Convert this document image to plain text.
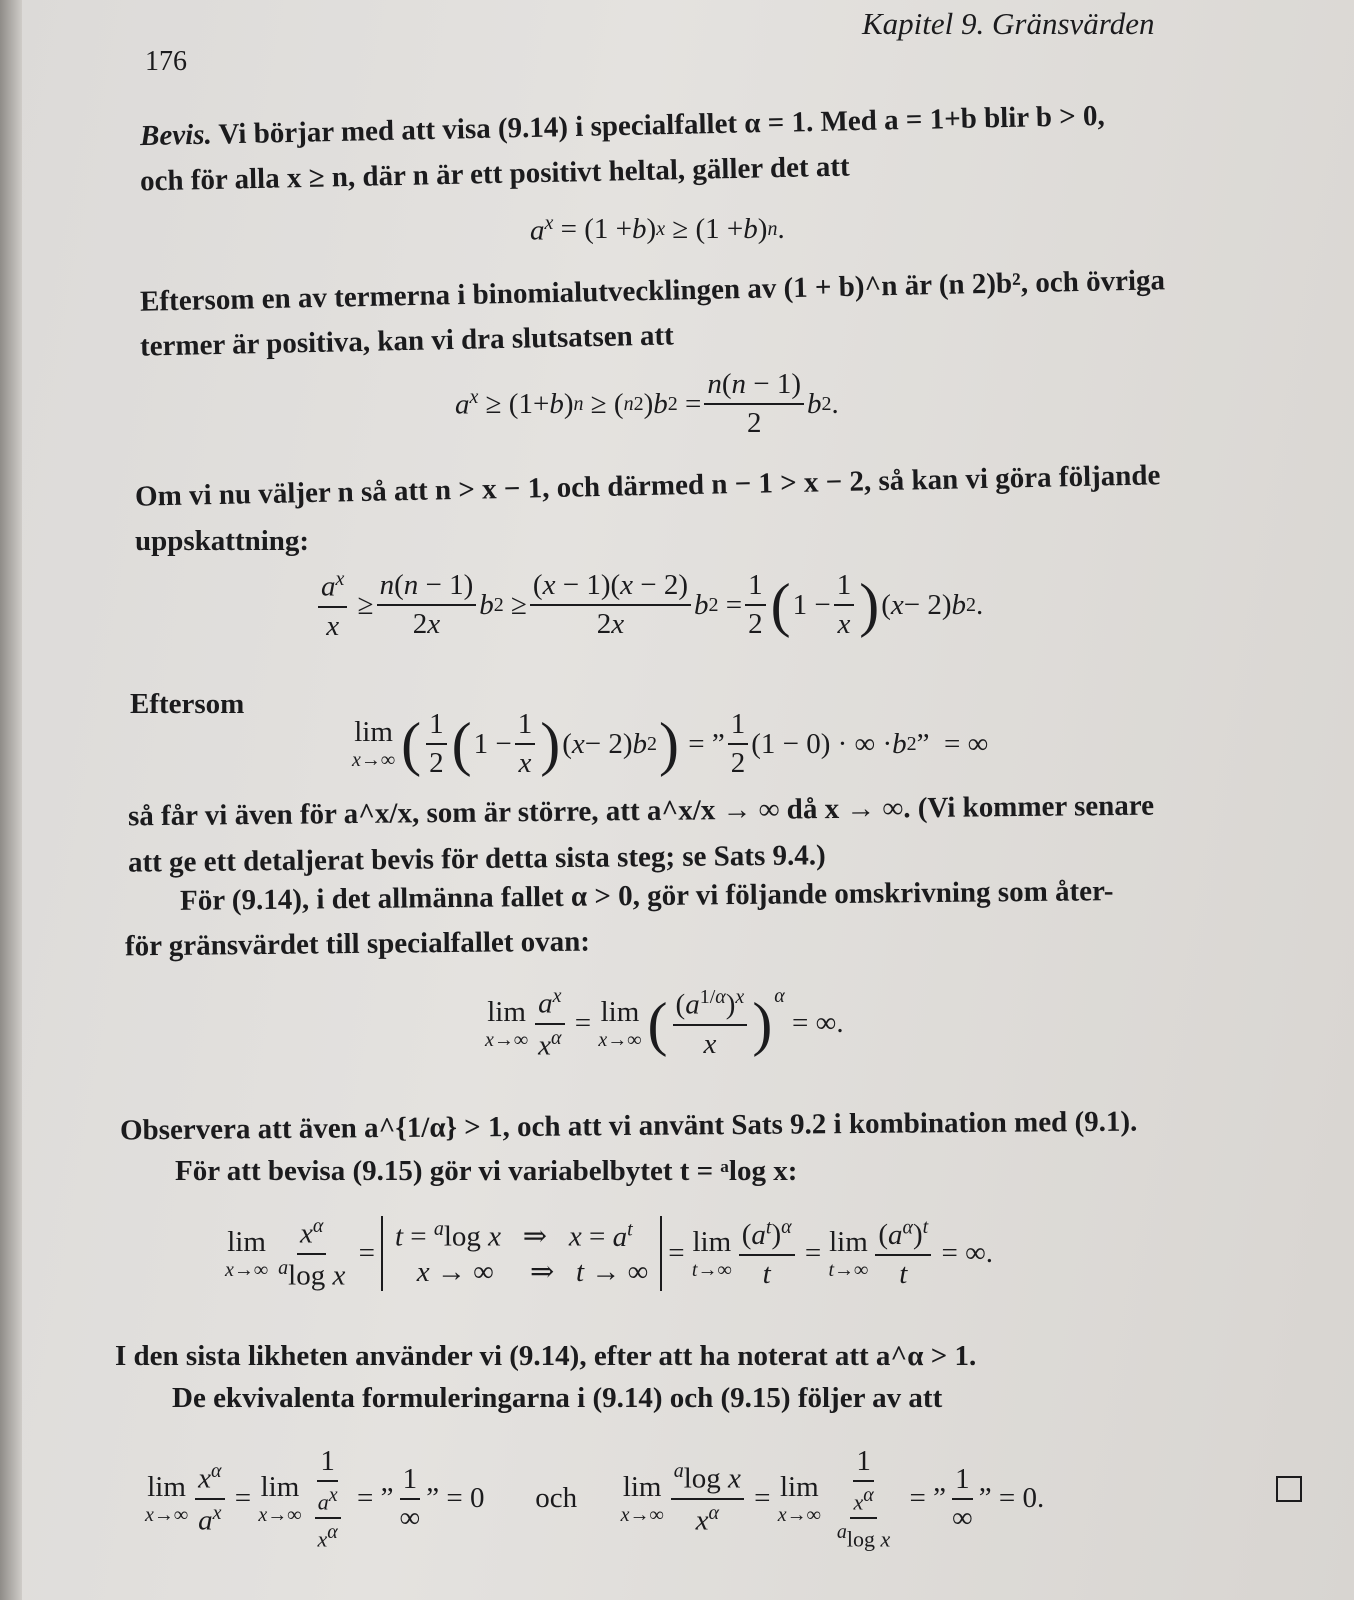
176
Kapitel 9. Gränsvärden
Bevis. Vi börjar med att visa (9.14) i specialfallet α = 1. Med a = 1+b blir b > 0,
och för alla x ≥ n, där n är ett positivt heltal, gäller det att
$a^x = (1 + b$ ) x ≥ (1 + b ) n .
Eftersom en av termerna i binomialutvecklingen av (1 + b)^n är (n 2)b², och övriga
termer är positiva, kan vi dra slutsatsen att
$a^x \ge (1+ b$ ) n ≥ ( n 2 ) b $2 = \frac{n(n - 1)}{2}$ b 2 .
Om vi nu väljer n så att n > x − 1, och därmed n − 1 > x − 2, så kan vi göra följande
uppskattning:
$\frac{a^x}{x} \ge \frac{n(n - 1)}{2x}$ b $2 \ge \frac{(x - 1)(x - 2)}{2x}$ b $2 = \frac{1}{2}$ ( $1 - \frac{1}{x}$ ) ( x − 2) b 2 .
Eftersom
lim
x→∞ ( $\frac{1}{2}$ ( $1 - \frac{1}{x}$ ) ( x − 2) b 2 ) = ” $\frac{1}{2} (1 - 0)$ · ∞ · b 2 ”  = ∞
så får vi även för a^x/x, som är större, att a^x/x → ∞ då x → ∞. (Vi kommer senare
att ge ett detaljerat bevis för detta sista steg; se Sats 9.4.)
För (9.14), i det allmänna fallet α > 0, gör vi följande omskrivning som åter-
för gränsvärdet till specialfallet ovan:
lim
$x\to\infty \frac{a^x}{x^\alpha} = \lim$
x→∞ ( $\frac{(a^{1/\alpha})^x}{x} )^\alpha$
= ∞.
Observera att även a^{1/α} > 1, och att vi använt Sats 9.2 i kombination med (9.1).
För att bevisa (9.15) gör vi variabelbytet t = ᵃlog x:
lim
$x\to\infty \frac{x^\alpha}{^a\log x}$ =
t = $^a$log x   ⇒   $x = a^t$
x → ∞     ⇒   t → ∞
= lim
$t\to\infty \frac{(a^t)^\alpha}{t} = \lim$
$t\to\infty \frac{(a^\alpha)^t}{t}$ = ∞.
I den sista likheten använder vi (9.14), efter att ha noterat att a^α > 1.
De ekvivalenta formuleringarna i (9.14) och (9.15) följer av att
lim
$x\to\infty \frac{x^\alpha}{a^x} = \lim$
$x\to\infty \frac{1}{\frac{a^x}{x^\alpha}}$ = ” $\frac{1}{\infty}$ ” = 0 och
lim
$x\to\infty \frac{^a\log x}{x^\alpha} = \lim$
$x\to\infty \frac{1}{\frac{x^\alpha}{^a\log x}}$ = ” $\frac{1}{\infty}$ ” = 0.
